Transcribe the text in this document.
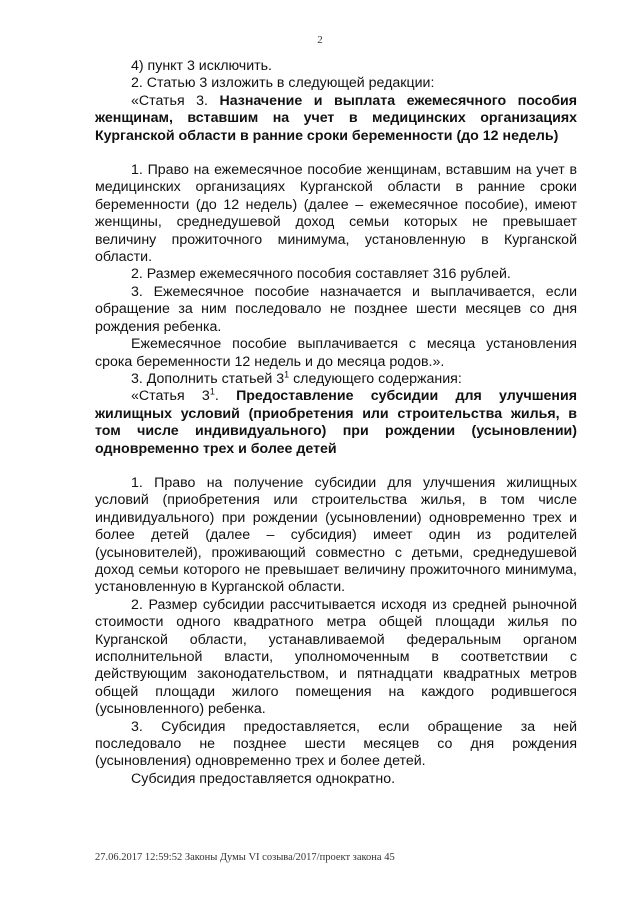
2

4) пункт 3 исключить.

2. Статью 3 изложить в следующей редакции:

«Статья 3. Назначение и выплата ежемесячного пособия женщинам, вставшим на учет в медицинских организациях Курганской области в ранние сроки беременности (до 12 недель)

1. Право на ежемесячное пособие женщинам, вставшим на учет в медицинских организациях Курганской области в ранние сроки беременности (до 12 недель) (далее – ежемесячное пособие), имеют женщины, среднедушевой доход семьи которых не превышает величину прожиточного минимума, установленную в Курганской области.

2. Размер ежемесячного пособия составляет 316 рублей.

3. Ежемесячное пособие назначается и выплачивается, если обращение за ним последовало не позднее шести месяцев со дня рождения ребенка.

Ежемесячное пособие выплачивается с месяца установления срока беременности 12 недель и до месяца родов.».

3. Дополнить статьей $3^1$ следующего содержания:

«Статья $3^1$. Предоставление субсидии для улучшения жилищных условий (приобретения или строительства жилья, в том числе индивидуального) при рождении (усыновлении) одновременно трех и более детей

1. Право на получение субсидии для улучшения жилищных условий (приобретения или строительства жилья, в том числе индивидуального) при рождении (усыновлении) одновременно трех и более детей (далее – субсидия) имеет один из родителей (усыновителей), проживающий совместно с детьми, среднедушевой доход семьи которого не превышает величину прожиточного минимума, установленную в Курганской области.

2. Размер субсидии рассчитывается исходя из средней рыночной стоимости одного квадратного метра общей площади жилья по Курганской области, устанавливаемой федеральным органом исполнительной власти, уполномоченным в соответствии с действующим законодательством, и пятнадцати квадратных метров общей площади жилого помещения на каждого родившегося (усыновленного) ребенка.

3. Субсидия предоставляется, если обращение за ней последовало не позднее шести месяцев со дня рождения (усыновления) одновременно трех и более детей.

Субсидия предоставляется однократно.

27.06.2017 12:59:52 Законы Думы VI созыва/2017/проект закона 45
